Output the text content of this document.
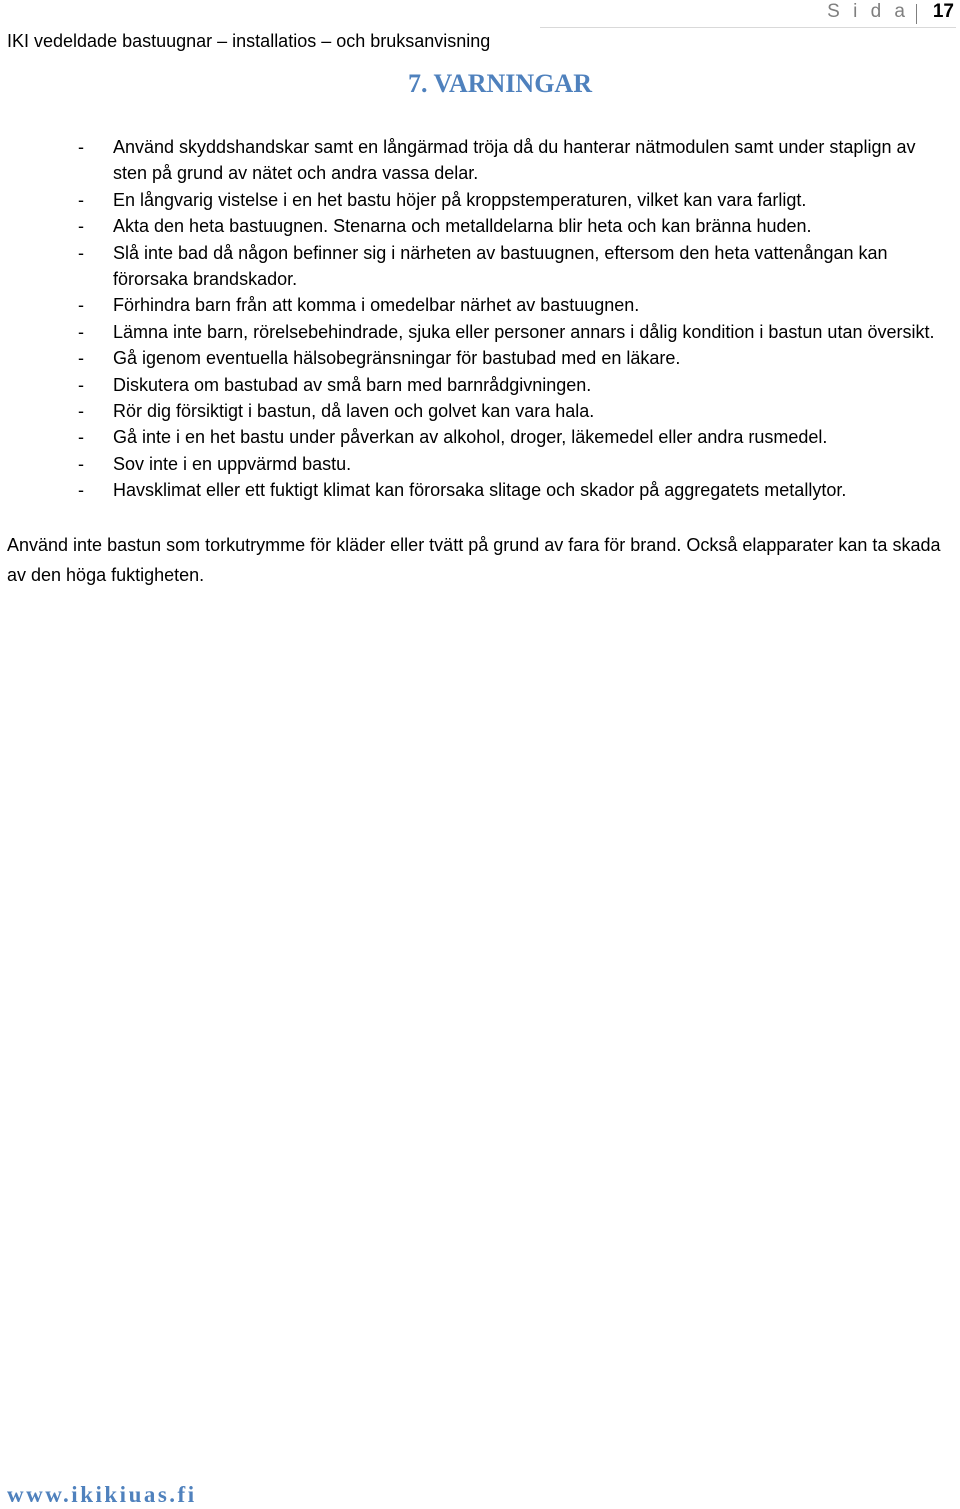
S i d a 17
IKI vedeldade bastuugnar – installatios – och bruksanvisning
7. VARNINGAR
- Använd skyddshandskar samt en långärmad tröja då du hanterar nätmodulen samt under staplign av sten på grund av nätet och andra vassa delar.
- En långvarig vistelse i en het bastu höjer på kroppstemperaturen, vilket kan vara farligt.
- Akta den heta bastuugnen. Stenarna och metalldelarna blir heta och kan bränna huden.
- Slå inte bad då någon befinner sig i närheten av bastuugnen, eftersom den heta vattenångan kan förorsaka brandskador.
- Förhindra barn från att komma i omedelbar närhet av bastuugnen.
- Lämna inte barn, rörelsebehindrade, sjuka eller personer annars i dålig kondition i bastun utan översikt.
- Gå igenom eventuella hälsobegränsningar för bastubad med en läkare.
- Diskutera om bastubad av små barn med barnrådgivningen.
- Rör dig försiktigt i bastun, då laven och golvet kan vara hala.
- Gå inte i en het bastu under påverkan av alkohol, droger, läkemedel eller andra rusmedel.
- Sov inte i en uppvärmd bastu.
- Havsklimat eller ett fuktigt klimat kan förorsaka slitage och skador på aggregatets metallytor.

Använd inte bastun som torkutrymme för kläder eller tvätt på grund av fara för brand. Också elapparater kan ta skada av den höga fuktigheten.

www.ikikiuas.fi
